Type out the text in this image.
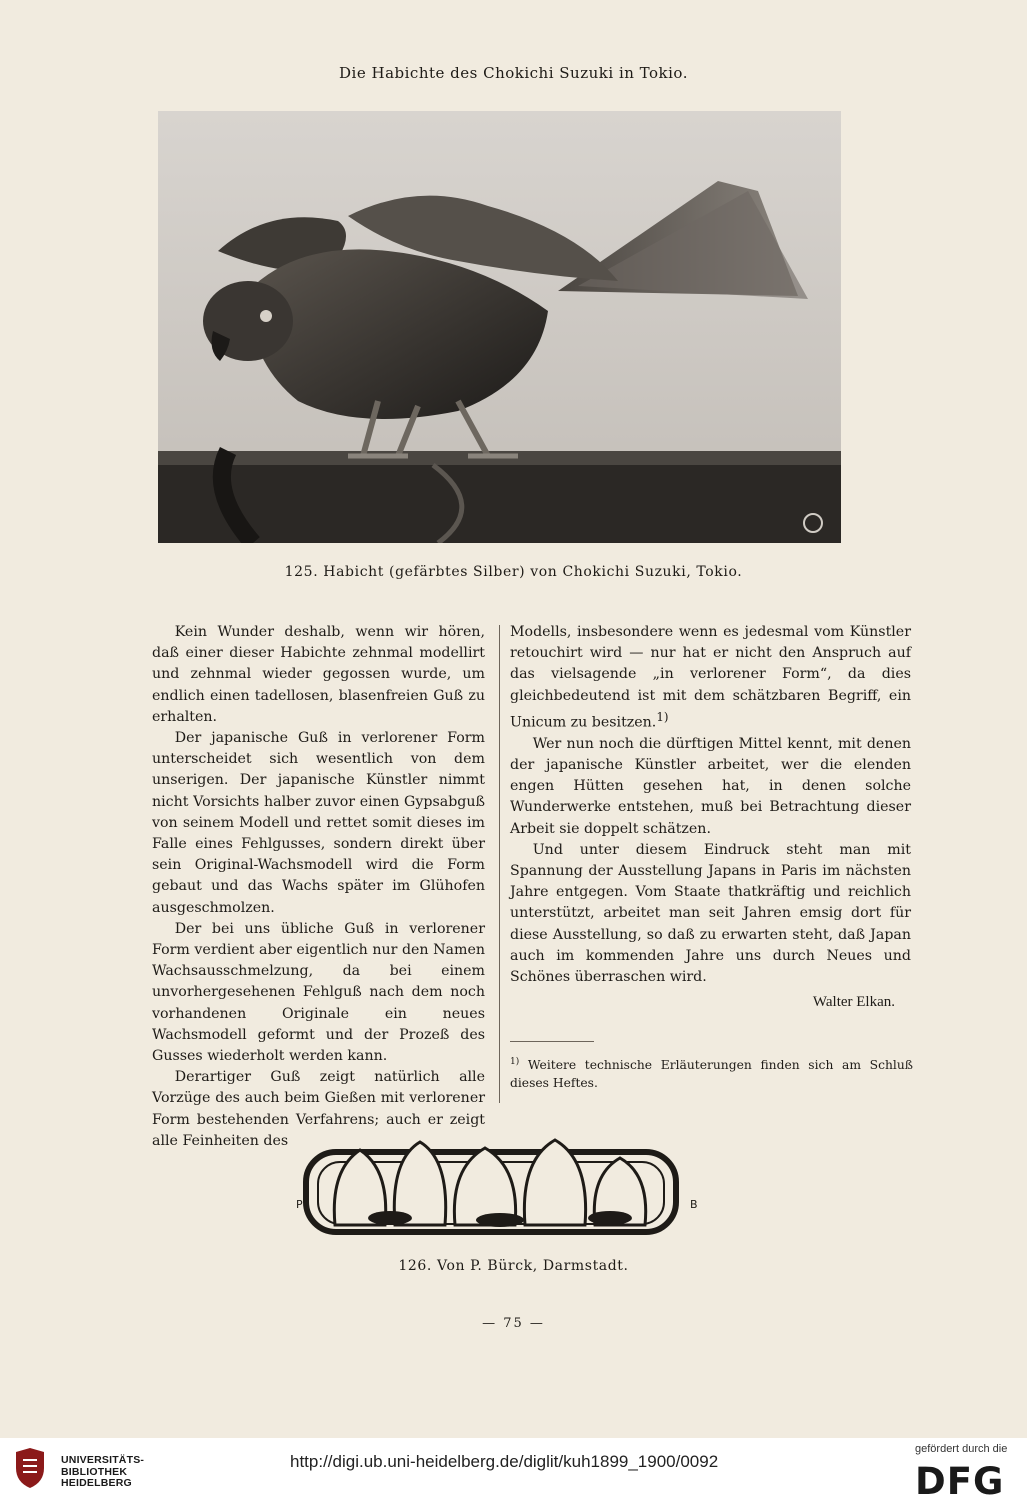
Die Habichte des Chokichi Suzuki in Tokio.
125. Habicht (gefärbtes Silber) von Chokichi Suzuki, Tokio.

Kein Wunder deshalb, wenn wir hören, daß einer dieser Habichte zehnmal modellirt und zehnmal wieder gegossen wurde, um endlich einen tadellosen, blasenfreien Guß zu erhalten.

Der japanische Guß in verlorener Form unterscheidet sich wesentlich von dem unserigen. Der japanische Künstler nimmt nicht Vorsichts halber zuvor einen Gypsabguß von seinem Modell und rettet somit dieses im Falle eines Fehlgusses, sondern direkt über sein Original-Wachsmodell wird die Form gebaut und das Wachs später im Glühofen ausgeschmolzen.

Der bei uns übliche Guß in verlorener Form verdient aber eigentlich nur den Namen Wachsausschmelzung, da bei einem unvorhergesehenen Fehlguß nach dem noch vorhandenen Originale ein neues Wachsmodell geformt und der Prozeß des Gusses wiederholt werden kann.

Derartiger Guß zeigt natürlich alle Vorzüge des auch beim Gießen mit verlorener Form bestehenden Verfahrens; auch er zeigt alle Feinheiten des

Modells, insbesondere wenn es jedesmal vom Künstler retouchirt wird — nur hat er nicht den Anspruch auf das vielsagende „in verlorener Form“, da dies gleichbedeutend ist mit dem schätzbaren Begriff, ein Unicum zu besitzen.$^{1)}$

Wer nun noch die dürftigen Mittel kennt, mit denen der japanische Künstler arbeitet, wer die elenden engen Hütten gesehen hat, in denen solche Wunderwerke entstehen, muß bei Betrachtung dieser Arbeit sie doppelt schätzen.

Und unter diesem Eindruck steht man mit Spannung der Ausstellung Japans in Paris im nächsten Jahre entgegen. Vom Staate thatkräftig und reichlich unterstützt, arbeitet man seit Jahren emsig dort für diese Ausstellung, so daß zu erwarten steht, daß Japan auch im kommenden Jahre uns durch Neues und Schönes überraschen wird.

Walter Elkan.
$^{1)}$ Weitere technische Erläuterungen finden sich am Schluß dieses Heftes.
P	B
126. Von P. Bürck, Darmstadt.
— 75 —
UNIVERSITÄTS-
BIBLIOTHEK
HEIDELBERG
http://digi.ub.uni-heidelberg.de/diglit/kuh1899_1900/0092
gefördert durch die
DFG
